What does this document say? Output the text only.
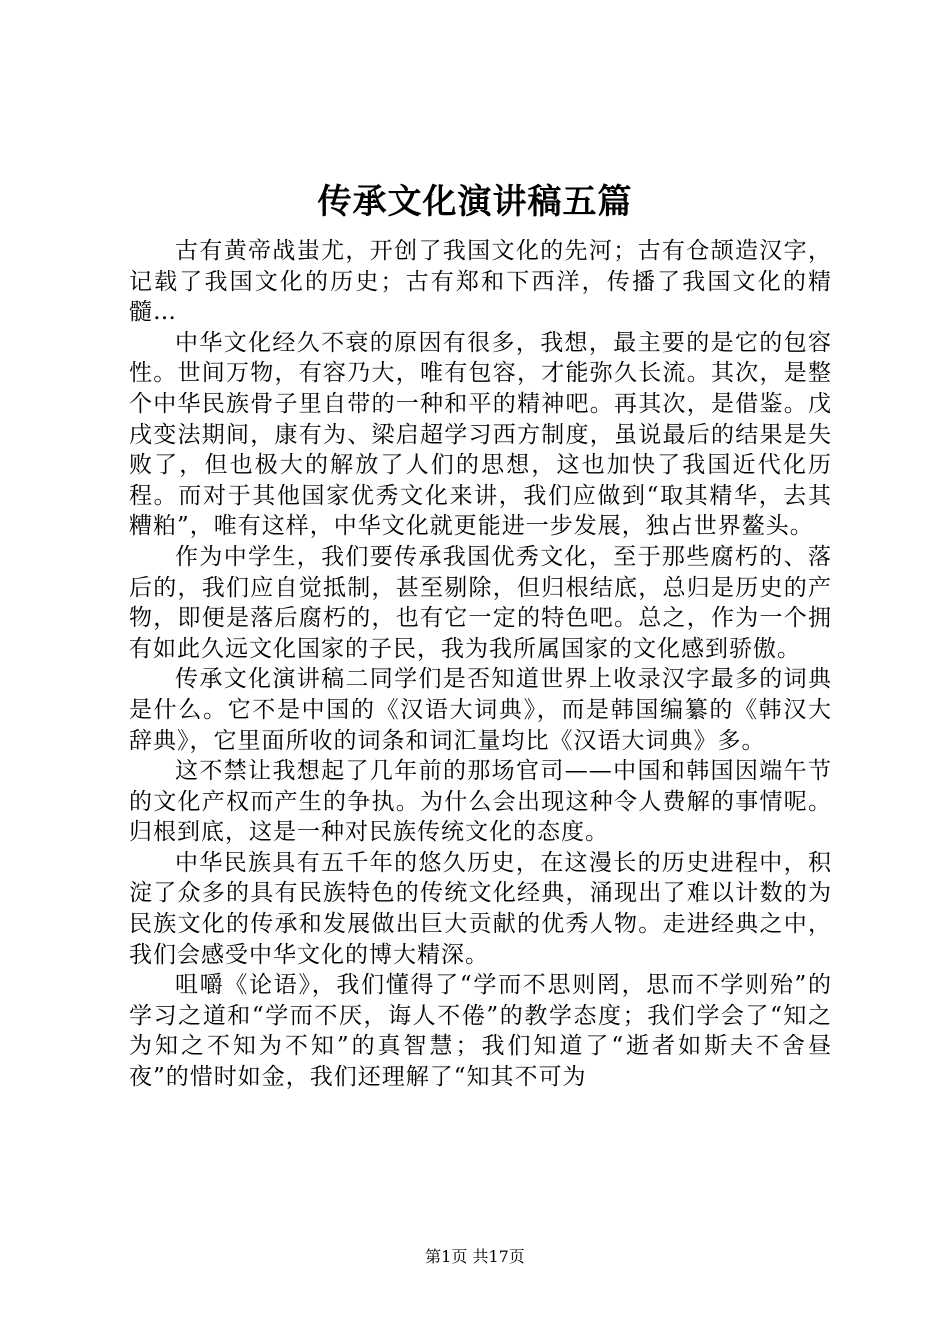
传承文化演讲稿五篇

古有黄帝战蚩尤，开创了我国文化的先河；古有仓颉造汉字，记载了我国文化的历史；古有郑和下西洋，传播了我国文化的精髓…

中华文化经久不衰的原因有很多，我想，最主要的是它的包容性。世间万物，有容乃大，唯有包容，才能弥久长流。其次，是整个中华民族骨子里自带的一种和平的精神吧。再其次，是借鉴。戊戌变法期间，康有为、梁启超学习西方制度，虽说最后的结果是失败了，但也极大的解放了人们的思想，这也加快了我国近代化历程。而对于其他国家优秀文化来讲，我们应做到“取其精华，去其糟粕”，唯有这样，中华文化就更能进一步发展，独占世界鳌头。

作为中学生，我们要传承我国优秀文化，至于那些腐朽的、落后的，我们应自觉抵制，甚至剔除，但归根结底，总归是历史的产物，即便是落后腐朽的，也有它一定的特色吧。总之，作为一个拥有如此久远文化国家的子民，我为我所属国家的文化感到骄傲。

传承文化演讲稿二同学们是否知道世界上收录汉字最多的词典是什么。它不是中国的《汉语大词典》，而是韩国编纂的《韩汉大辞典》，它里面所收的词条和词汇量均比《汉语大词典》多。

这不禁让我想起了几年前的那场官司——中国和韩国因端午节的文化产权而产生的争执。为什么会出现这种令人费解的事情呢。归根到底，这是一种对民族传统文化的态度。

中华民族具有五千年的悠久历史，在这漫长的历史进程中，积淀了众多的具有民族特色的传统文化经典，涌现出了难以计数的为民族文化的传承和发展做出巨大贡献的优秀人物。走进经典之中，我们会感受中华文化的博大精深。

咀嚼《论语》，我们懂得了“学而不思则罔，思而不学则殆”的学习之道和“学而不厌，诲人不倦”的教学态度；我们学会了“知之为知之不知为不知”的真智慧；我们知道了“逝者如斯夫不舍昼夜”的惜时如金，我们还理解了“知其不可为

第1页 共17页
